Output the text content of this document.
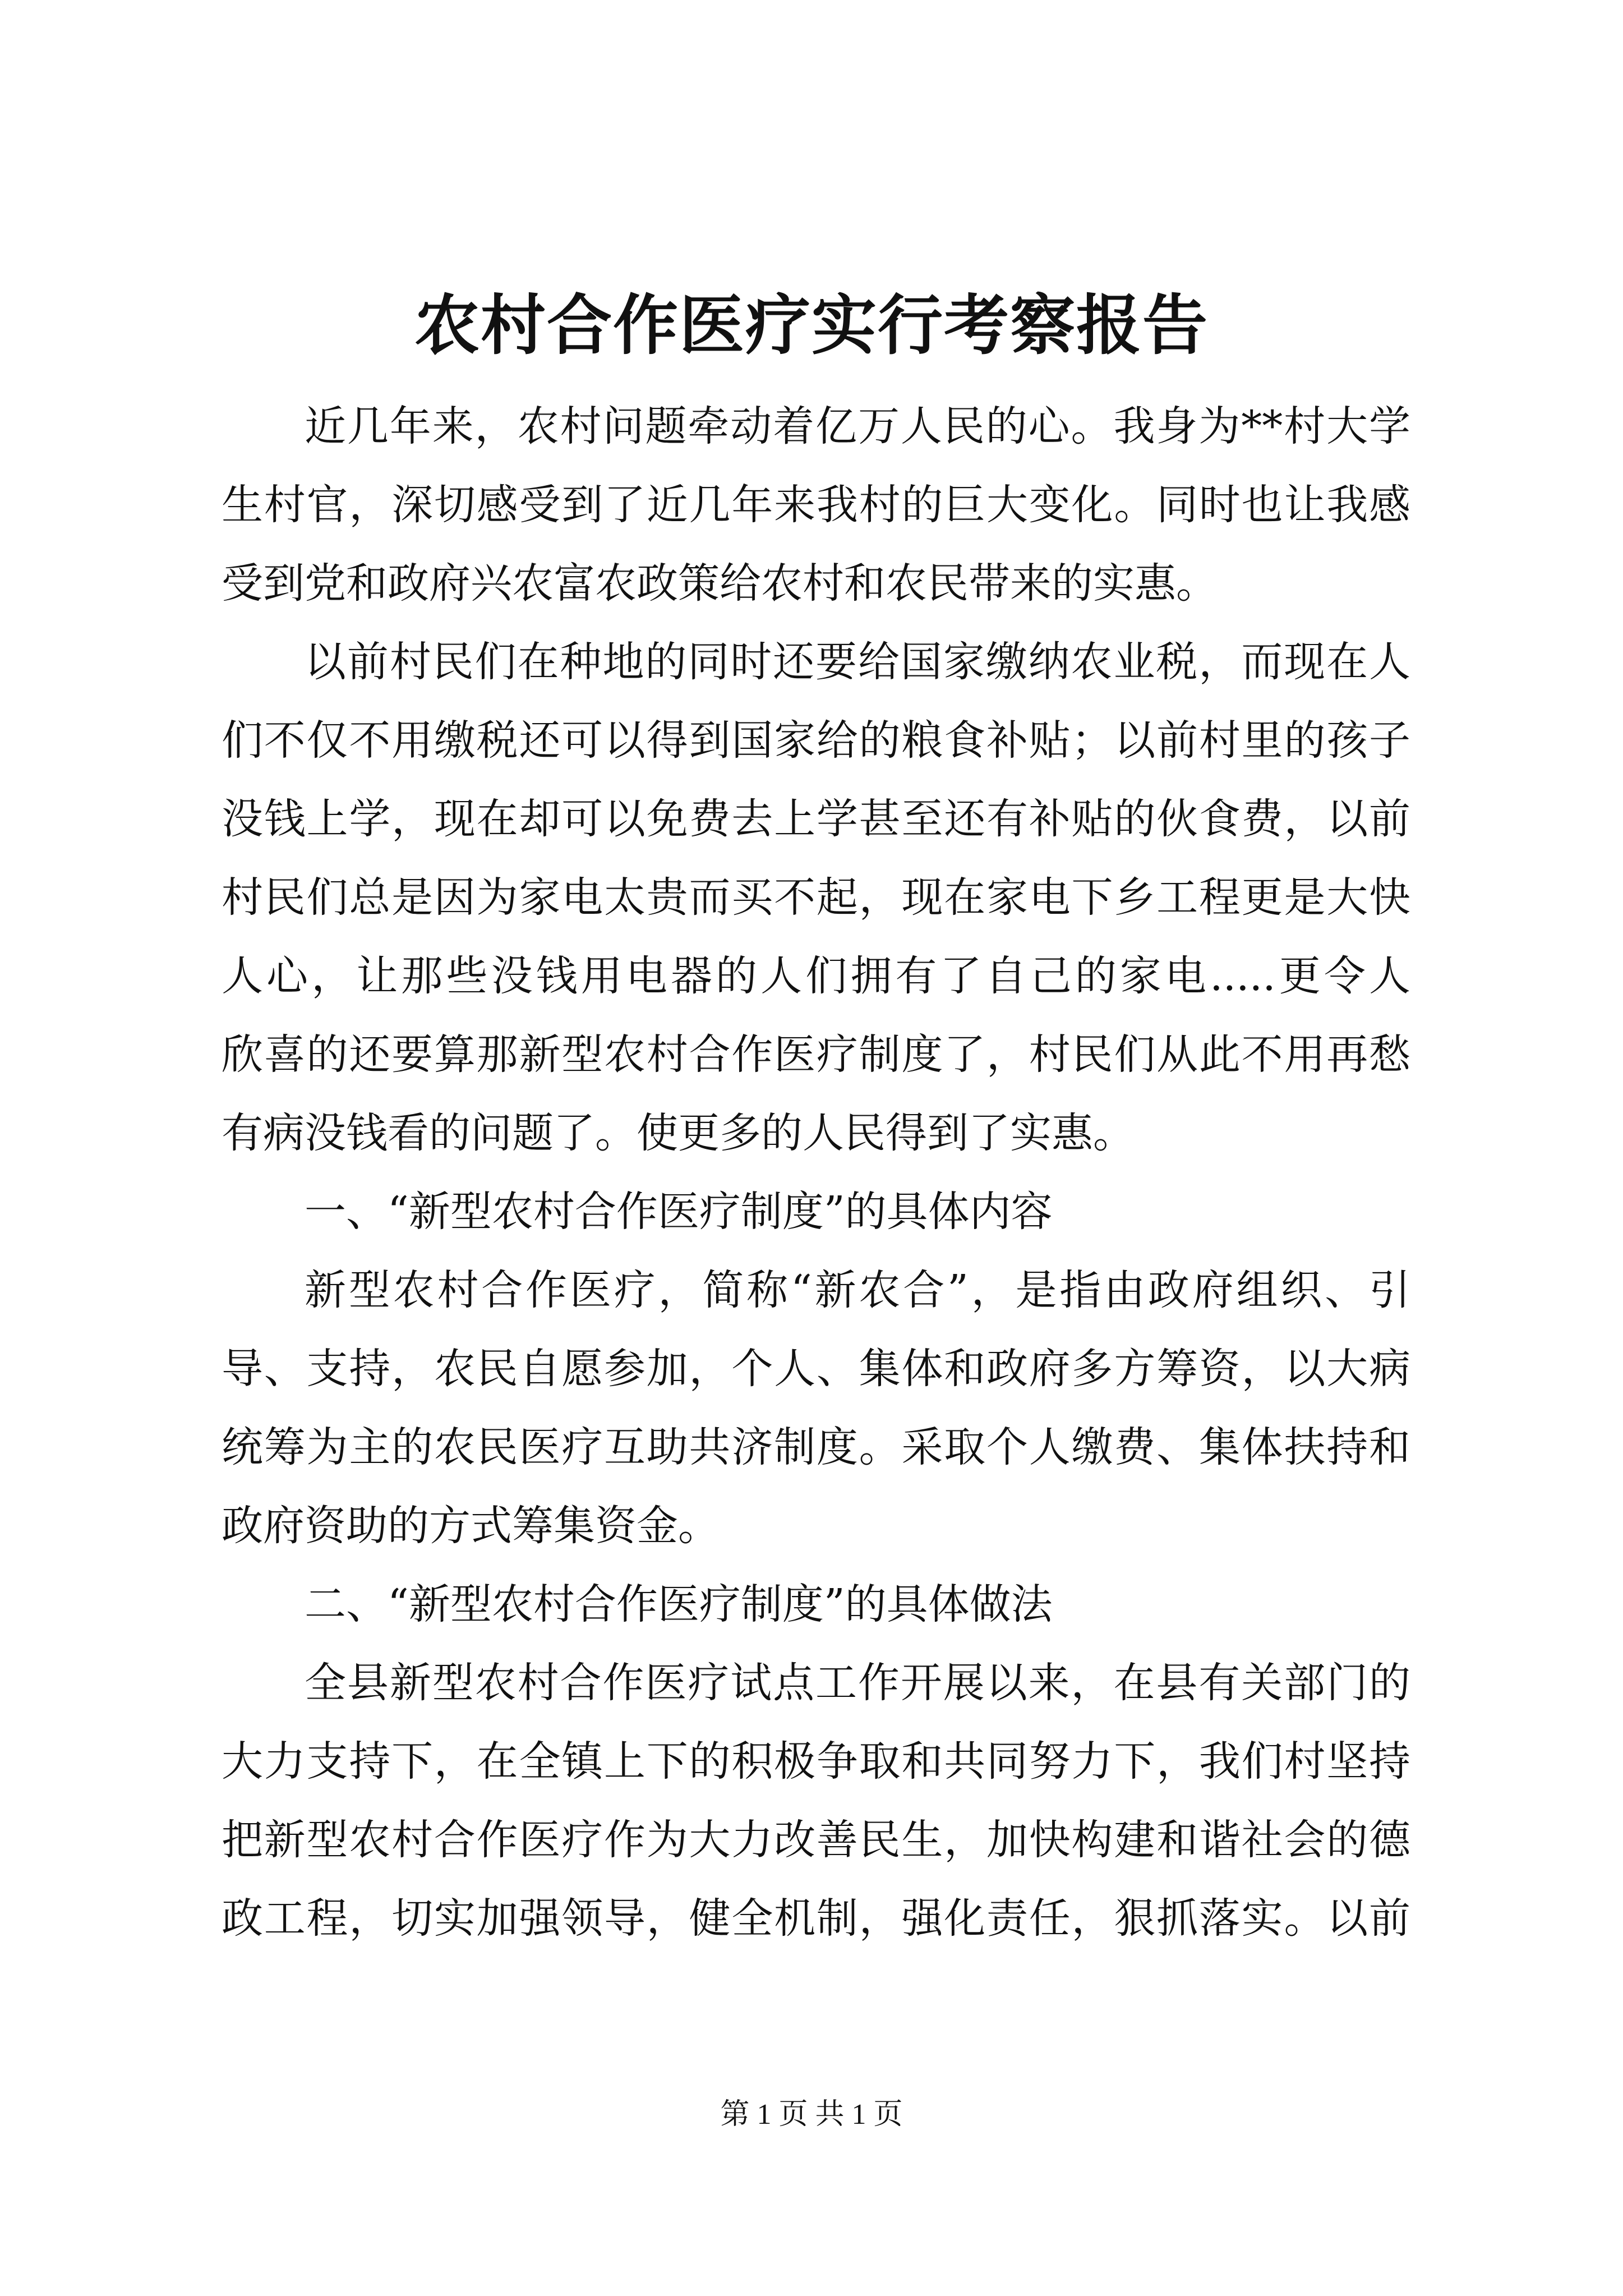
农村合作医疗实行考察报告
近几年来，农村问题牵动着亿万人民的心。我身为**村大学
生村官，深切感受到了近几年来我村的巨大变化。同时也让我感
受到党和政府兴农富农政策给农村和农民带来的实惠。
以前村民们在种地的同时还要给国家缴纳农业税，而现在人
们不仅不用缴税还可以得到国家给的粮食补贴；以前村里的孩子
没钱上学，现在却可以免费去上学甚至还有补贴的伙食费，以前
村民们总是因为家电太贵而买不起，现在家电下乡工程更是大快
人心，让那些没钱用电器的人们拥有了自己的家电.....更令人
欣喜的还要算那新型农村合作医疗制度了，村民们从此不用再愁
有病没钱看的问题了。使更多的人民得到了实惠。
一、“新型农村合作医疗制度”的具体内容
新型农村合作医疗，简称“新农合”，是指由政府组织、引
导、支持，农民自愿参加，个人、集体和政府多方筹资，以大病
统筹为主的农民医疗互助共济制度。采取个人缴费、集体扶持和
政府资助的方式筹集资金。
二、“新型农村合作医疗制度”的具体做法
全县新型农村合作医疗试点工作开展以来，在县有关部门的
大力支持下，在全镇上下的积极争取和共同努力下，我们村坚持
把新型农村合作医疗作为大力改善民生，加快构建和谐社会的德
政工程，切实加强领导，健全机制，强化责任，狠抓落实。以前
第 1 页 共 1 页
